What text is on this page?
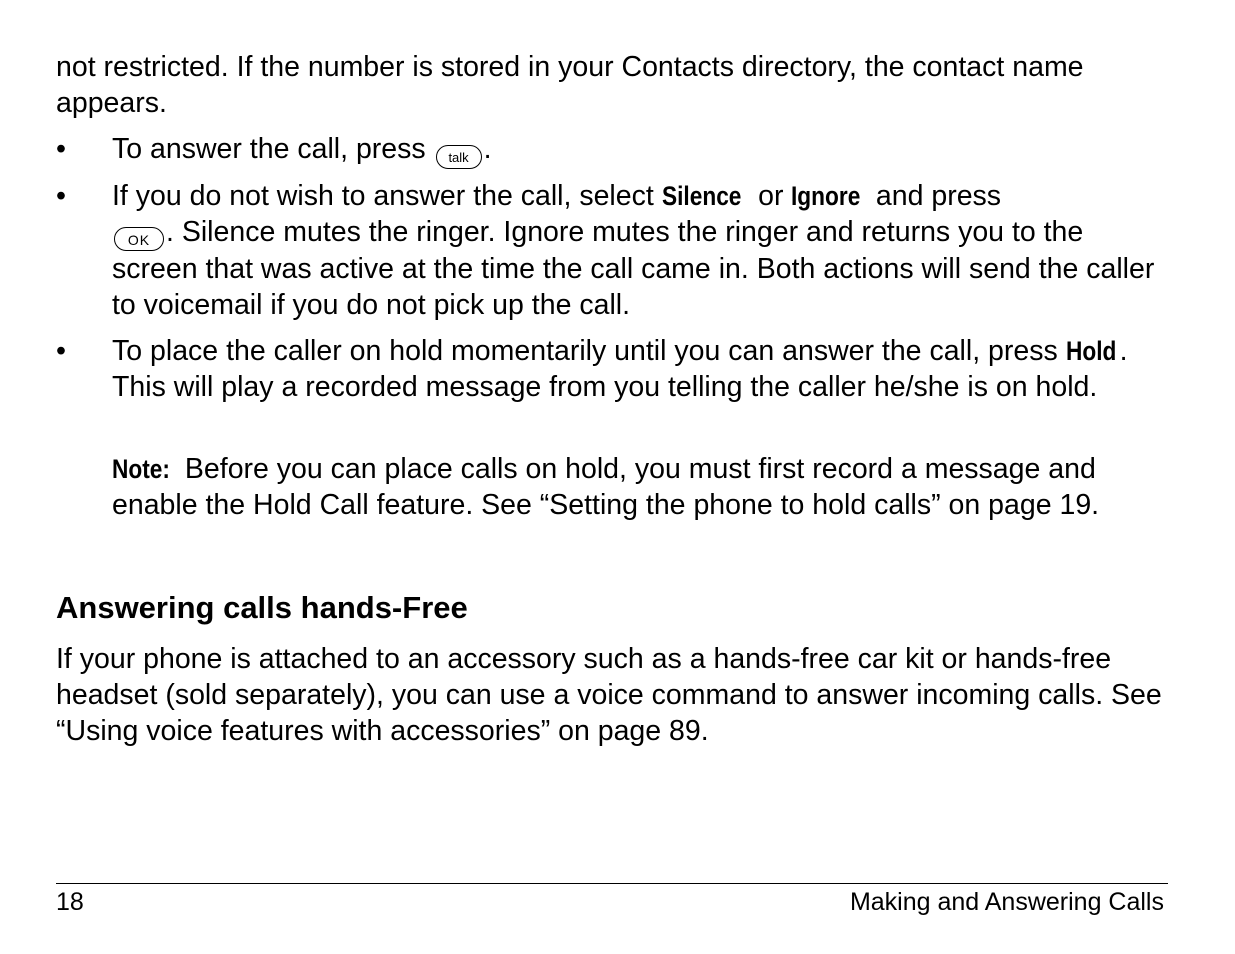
not restricted. If the number is stored in your Contacts directory, the contact name appears.

•	To answer the call, press talk .
•	If you do not wish to answer the call, select Silence or Ignore and press
OK . Silence mutes the ringer. Ignore mutes the ringer and returns you to the screen that was active at the time the call came in. Both actions will send the caller to voicemail if you do not pick up the call.
•	To place the caller on hold momentarily until you can answer the call, press Hold . This will play a recorded message from you telling the caller he/she is on hold.
Note: Before you can place calls on hold, you must first record a message and enable the Hold Call feature. See “Setting the phone to hold calls” on page 19.
Answering calls hands-Free

If your phone is attached to an accessory such as a hands-free car kit or hands-free headset (sold separately), you can use a voice command to answer incoming calls. See “Using voice features with accessories” on page 89.

18	Making and Answering Calls
